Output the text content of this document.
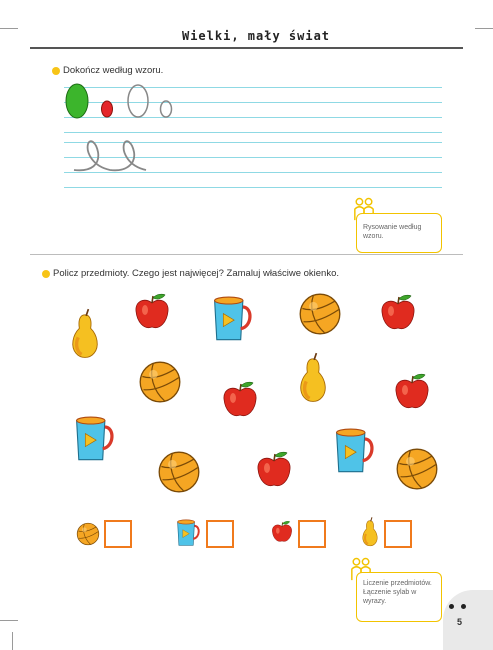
Wielki, mały świat
Dokończ według wzoru.
Rysowanie według wzoru.
Policz przedmioty. Czego jest najwięcej? Zamaluj właściwe okienko.
Liczenie przedmiotów. Łączenie sylab w wyrazy.
5
